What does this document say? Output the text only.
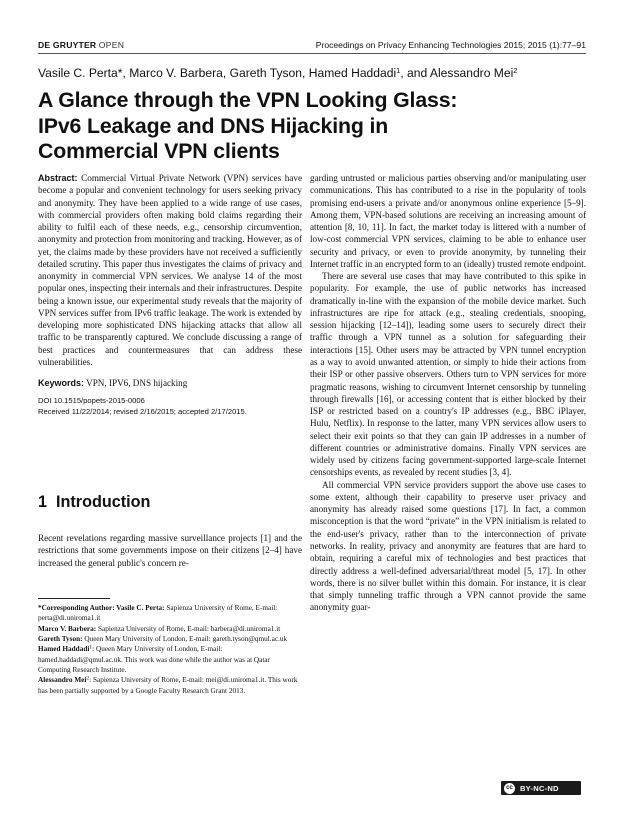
DE GRUYTER OPEN	Proceedings on Privacy Enhancing Technologies 2015; 2015 (1):77–91
Vasile C. Perta*, Marco V. Barbera, Gareth Tyson, Hamed Haddadi$^1$, and Alessandro Mei$^2$
A Glance through the VPN Looking Glass:
IPv6 Leakage and DNS Hijacking in
Commercial VPN clients

Abstract: Commercial Virtual Private Network (VPN) services have become a popular and convenient technology for users seeking privacy and anonymity. They have been applied to a wide range of use cases, with commercial providers often making bold claims regarding their ability to fulfil each of these needs, e.g., censorship circumvention, anonymity and protection from monitoring and tracking. However, as of yet, the claims made by these providers have not received a sufficiently detailed scrutiny. This paper thus investigates the claims of privacy and anonymity in commercial VPN services. We analyse 14 of the most popular ones, inspecting their internals and their infrastructures. Despite being a known issue, our experimental study reveals that the majority of VPN services suffer from IPv6 traffic leakage. The work is extended by developing more sophisticated DNS hijacking attacks that allow all traffic to be transparently captured. We conclude discussing a range of best practices and countermeasures that can address these vulnerabilities.

Keywords: VPN, IPV6, DNS hijacking

DOI 10.1515/popets-2015-0006

Received 11/22/2014; revised 2/16/2015; accepted 2/17/2015.

1 Introduction
Recent revelations regarding massive surveillance projects [1] and the restrictions that some governments impose on their citizens [2–4] have increased the general public's concern re-
*Corresponding Author: Vasile C. Perta: Sapienza University of Rome, E-mail: perta@di.uniroma1.it
Marco V. Barbera: Sapienza University of Rome, E-mail: barbera@di.uniroma1.it
Gareth Tyson: Queen Mary University of London, E-mail: gareth.tyson@qmul.ac.uk
Hamed Haddadi$^1$: Queen Mary University of London, E-mail: hamed.haddadi@qmul.ac.uk. This work was done while the author was at Qatar Computing Research Institute.
Alessandro Mei$^2$: Sapienza University of Rome, E-mail: mei@di.uniroma1.it. This work has been partially supported by a Google Faculty Research Grant 2013.

garding untrusted or malicious parties observing and/or manipulating user communications. This has contributed to a rise in the popularity of tools promising end-users a private and/or anonymous online experience [5–9]. Among them, VPN-based solutions are receiving an increasing amount of attention [8, 10, 11]. In fact, the market today is littered with a number of low-cost commercial VPN services, claiming to be able to enhance user security and privacy, or even to provide anonymity, by tunneling their Internet traffic in an encrypted form to an (ideally) trusted remote endpoint.

There are several use cases that may have contributed to this spike in popularity. For example, the use of public networks has increased dramatically in-line with the expansion of the mobile device market. Such infrastructures are ripe for attack (e.g., stealing credentials, snooping, session hijacking [12–14]), leading some users to securely direct their traffic through a VPN tunnel as a solution for safeguarding their interactions [15]. Other users may be attracted by VPN tunnel encryption as a way to avoid unwanted attention, or simply to hide their actions from their ISP or other passive observers. Others turn to VPN services for more pragmatic reasons, wishing to circumvent Internet censorship by tunneling through firewalls [16], or accessing content that is either blocked by their ISP or restricted based on a country's IP addresses (e.g., BBC iPlayer, Hulu, Netflix). In response to the latter, many VPN services allow users to select their exit points so that they can gain IP addresses in a number of different countries or administrative domains. Finally VPN services are widely used by citizens facing government-supported large-scale Internet censorships events, as revealed by recent studies [3, 4].

All commercial VPN service providers support the above use cases to some extent, although their capability to preserve user privacy and anonymity has already raised some questions [17]. In fact, a common misconception is that the word “private” in the VPN initialism is related to the end-user's privacy, rather than to the interconnection of private networks. In reality, privacy and anonymity are features that are hard to obtain, requiring a careful mix of technologies and best practices that directly address a well-defined adversarial/threat model [5, 17]. In other words, there is no silver bullet within this domain. For instance, it is clear that simply tunneling traffic through a VPN cannot provide the same anonymity guar-

cc BY-NC-ND
